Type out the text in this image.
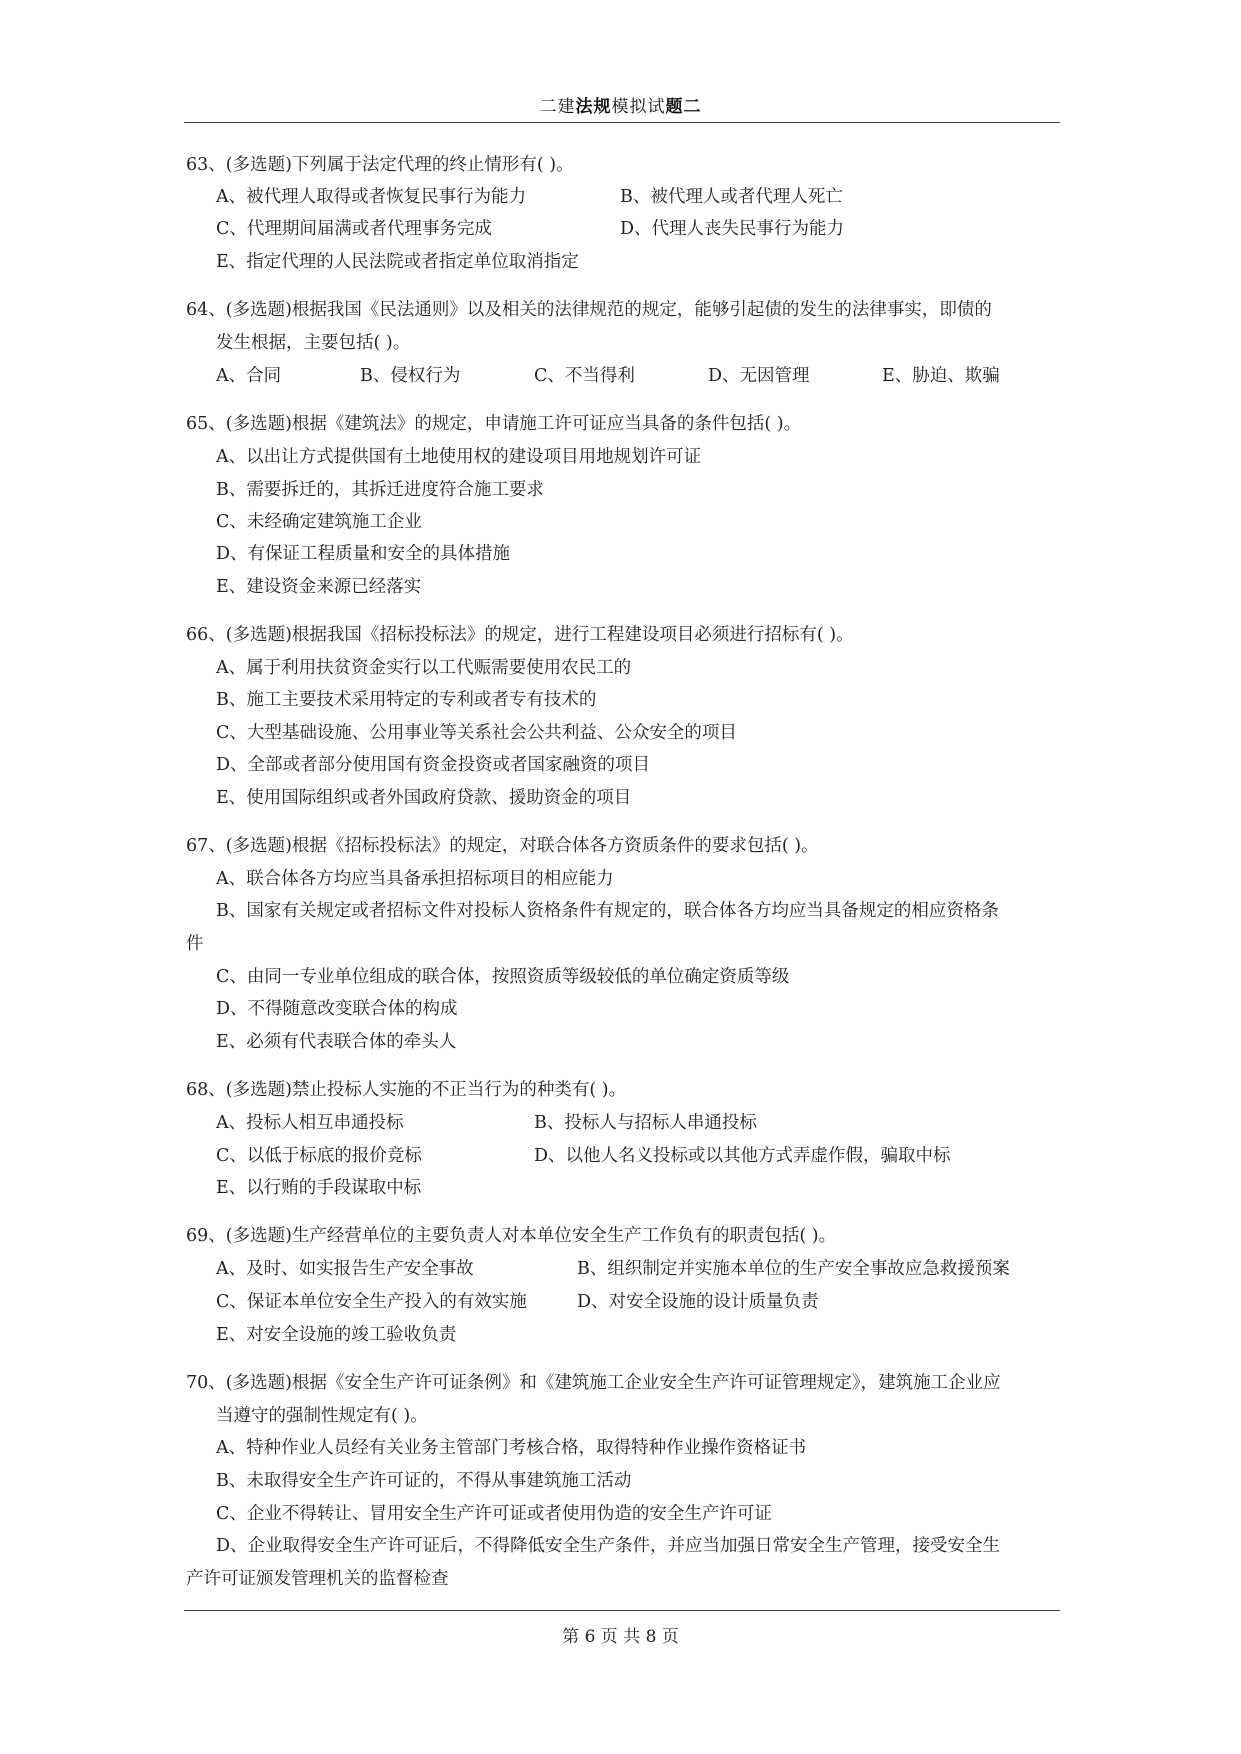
二建法规模拟试题二
63、(多选题)下列属于法定代理的终止情形有( )。
A、被代理人取得或者恢复民事行为能力	B、被代理人或者代理人死亡
C、代理期间届满或者代理事务完成	D、代理人丧失民事行为能力
E、指定代理的人民法院或者指定单位取消指定
64、(多选题)根据我国《民法通则》以及相关的法律规范的规定，能够引起债的发生的法律事实，即债的
发生根据，主要包括( )。
A、合同	B、侵权行为	C、不当得利	D、无因管理	E、胁迫、欺骗
65、(多选题)根据《建筑法》的规定，申请施工许可证应当具备的条件包括( )。
A、以出让方式提供国有土地使用权的建设项目用地规划许可证
B、需要拆迁的，其拆迁进度符合施工要求
C、未经确定建筑施工企业
D、有保证工程质量和安全的具体措施
E、建设资金来源已经落实
66、(多选题)根据我国《招标投标法》的规定，进行工程建设项目必须进行招标有( )。
A、属于利用扶贫资金实行以工代赈需要使用农民工的
B、施工主要技术采用特定的专利或者专有技术的
C、大型基础设施、公用事业等关系社会公共利益、公众安全的项目
D、全部或者部分使用国有资金投资或者国家融资的项目
E、使用国际组织或者外国政府贷款、援助资金的项目
67、(多选题)根据《招标投标法》的规定，对联合体各方资质条件的要求包括( )。
A、联合体各方均应当具备承担招标项目的相应能力
B、国家有关规定或者招标文件对投标人资格条件有规定的，联合体各方均应当具备规定的相应资格条
件
C、由同一专业单位组成的联合体，按照资质等级较低的单位确定资质等级
D、不得随意改变联合体的构成
E、必须有代表联合体的牵头人
68、(多选题)禁止投标人实施的不正当行为的种类有( )。
A、投标人相互串通投标	B、投标人与招标人串通投标
C、以低于标底的报价竞标	D、以他人名义投标或以其他方式弄虚作假，骗取中标
E、以行贿的手段谋取中标
69、(多选题)生产经营单位的主要负责人对本单位安全生产工作负有的职责包括( )。
A、及时、如实报告生产安全事故	B、组织制定并实施本单位的生产安全事故应急救援预案
C、保证本单位安全生产投入的有效实施	D、对安全设施的设计质量负责
E、对安全设施的竣工验收负责
70、(多选题)根据《安全生产许可证条例》和《建筑施工企业安全生产许可证管理规定》，建筑施工企业应
当遵守的强制性规定有( )。
A、特种作业人员经有关业务主管部门考核合格，取得特种作业操作资格证书
B、未取得安全生产许可证的，不得从事建筑施工活动
C、企业不得转让、冒用安全生产许可证或者使用伪造的安全生产许可证
D、企业取得安全生产许可证后，不得降低安全生产条件，并应当加强日常安全生产管理，接受安全生
产许可证颁发管理机关的监督检查
第 6 页 共 8 页
